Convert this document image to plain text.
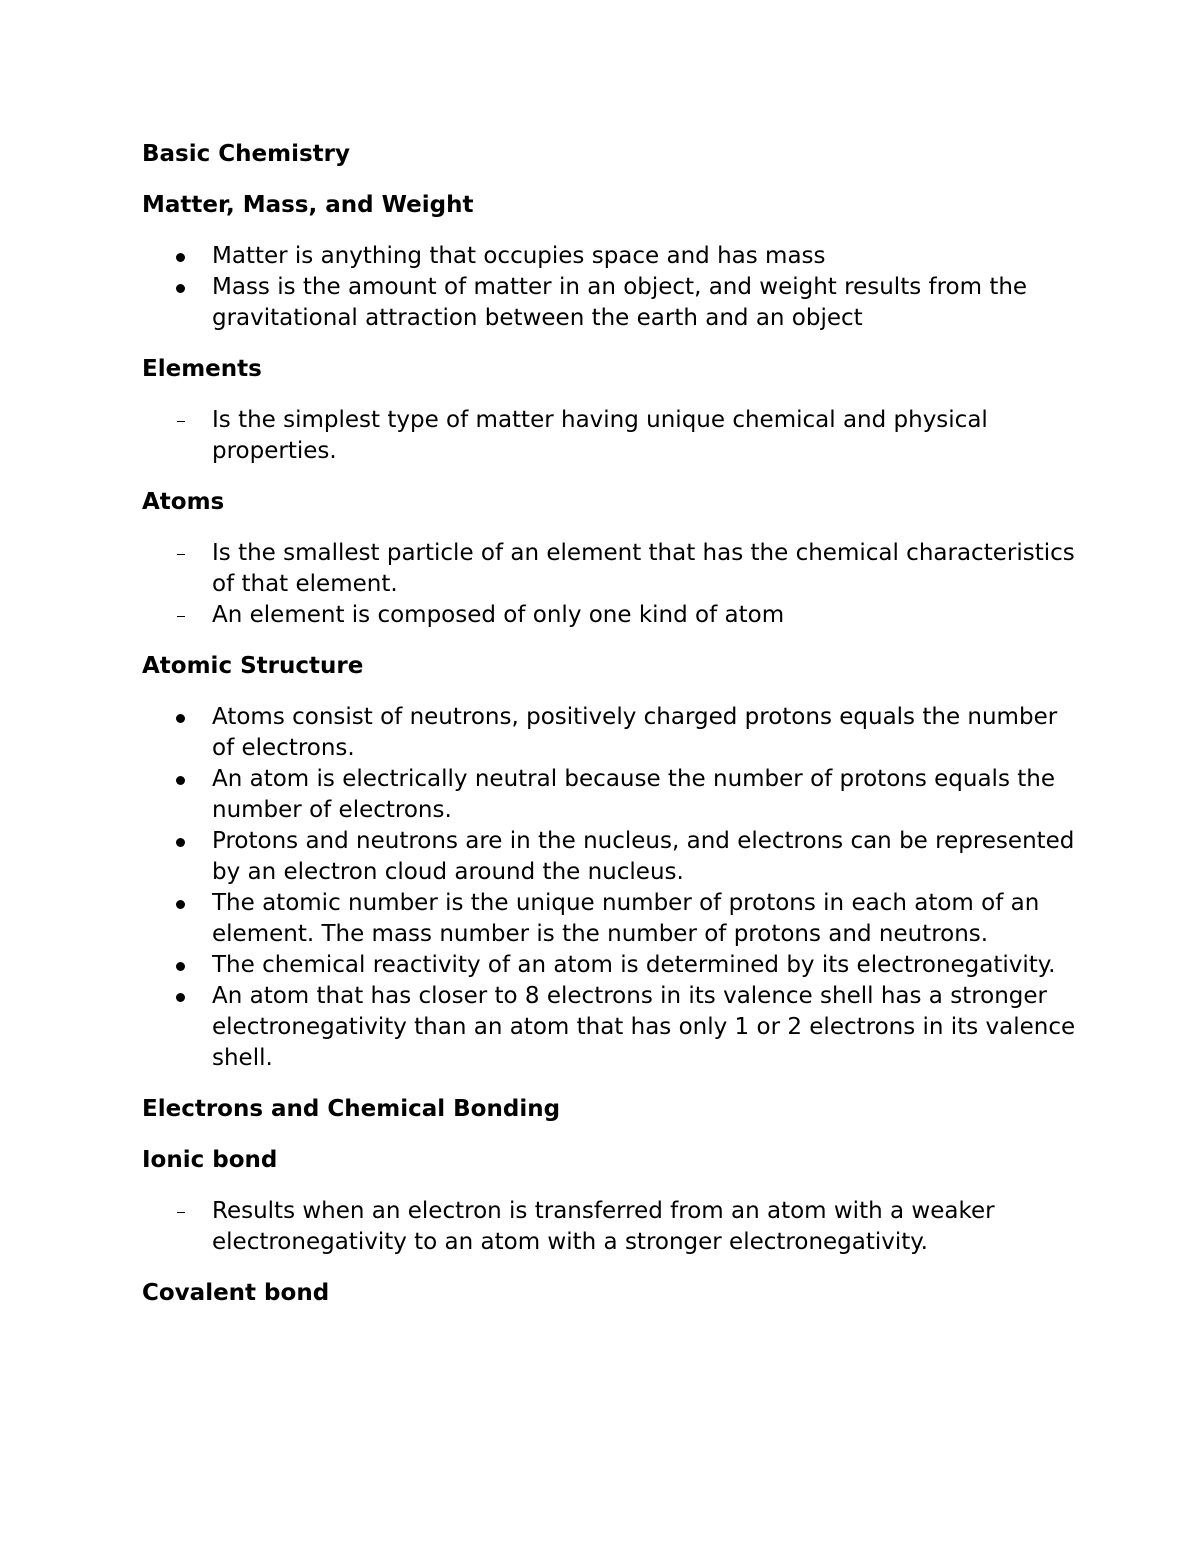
Basic Chemistry
Matter, Mass, and Weight
Matter is anything that occupies space and has mass
Mass is the amount of matter in an object, and weight results from the gravitational attraction between the earth and an object
Elements
Is the simplest type of matter having unique chemical and physical properties.
Atoms
Is the smallest particle of an element that has the chemical characteristics of that element.
An element is composed of only one kind of atom
Atomic Structure
Atoms consist of neutrons, positively charged protons equals the number of electrons.
An atom is electrically neutral because the number of protons equals the number of electrons.
Protons and neutrons are in the nucleus, and electrons can be represented by an electron cloud around the nucleus.
The atomic number is the unique number of protons in each atom of an element. The mass number is the number of protons and neutrons.
The chemical reactivity of an atom is determined by its electronegativity.
An atom that has closer to 8 electrons in its valence shell has a stronger electronegativity than an atom that has only 1 or 2 electrons in its valence shell.
Electrons and Chemical Bonding
Ionic bond
Results when an electron is transferred from an atom with a weaker electronegativity to an atom with a stronger electronegativity.
Covalent bond
